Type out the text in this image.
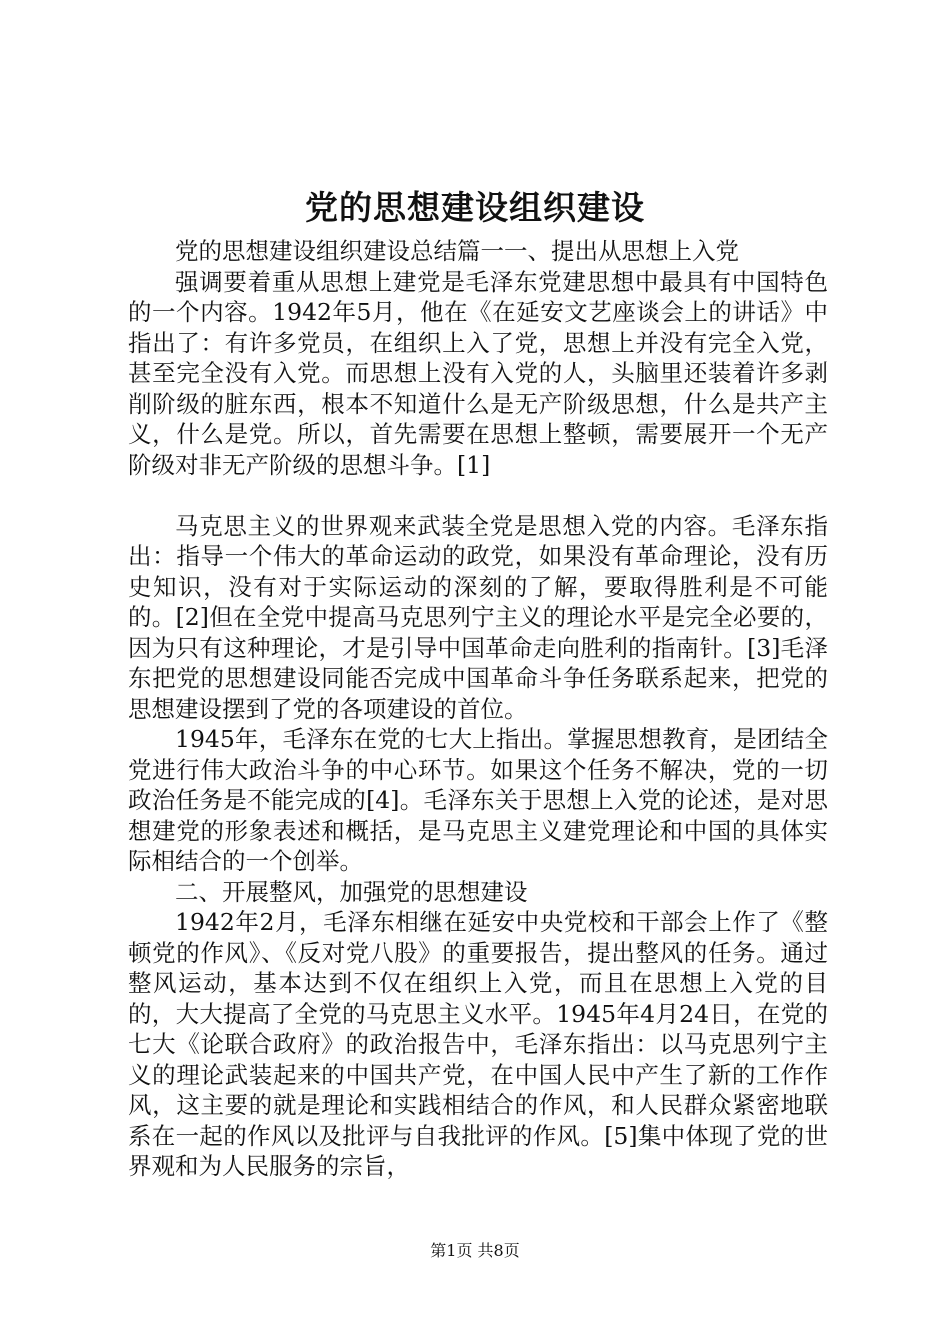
党的思想建设组织建设

党的思想建设组织建设总结篇一一、提出从思想上入党

强调要着重从思想上建党是毛泽东党建思想中最具有中国特色的一个内容。1942年5月，他在《在延安文艺座谈会上的讲话》中指出了：有许多党员，在组织上入了党，思想上并没有完全入党，甚至完全没有入党。而思想上没有入党的人，头脑里还装着许多剥削阶级的脏东西，根本不知道什么是无产阶级思想，什么是共产主义，什么是党。所以，首先需要在思想上整顿，需要展开一个无产阶级对非无产阶级的思想斗争。[1]

马克思主义的世界观来武装全党是思想入党的内容。毛泽东指出：指导一个伟大的革命运动的政党，如果没有革命理论，没有历史知识，没有对于实际运动的深刻的了解，要取得胜利是不可能的。[2]但在全党中提高马克思列宁主义的理论水平是完全必要的，因为只有这种理论，才是引导中国革命走向胜利的指南针。[3]毛泽东把党的思想建设同能否完成中国革命斗争任务联系起来，把党的思想建设摆到了党的各项建设的首位。

1945年，毛泽东在党的七大上指出。掌握思想教育，是团结全党进行伟大政治斗争的中心环节。如果这个任务不解决，党的一切政治任务是不能完成的[4]。毛泽东关于思想上入党的论述，是对思想建党的形象表述和概括，是马克思主义建党理论和中国的具体实际相结合的一个创举。

二、开展整风，加强党的思想建设

1942年2月，毛泽东相继在延安中央党校和干部会上作了《整顿党的作风》、《反对党八股》的重要报告，提出整风的任务。通过整风运动，基本达到不仅在组织上入党，而且在思想上入党的目的，大大提高了全党的马克思主义水平。1945年4月24日，在党的七大《论联合政府》的政治报告中，毛泽东指出：以马克思列宁主义的理论武装起来的中国共产党，在中国人民中产生了新的工作作风，这主要的就是理论和实践相结合的作风，和人民群众紧密地联系在一起的作风以及批评与自我批评的作风。[5]集中体现了党的世界观和为人民服务的宗旨，

第1页 共8页
